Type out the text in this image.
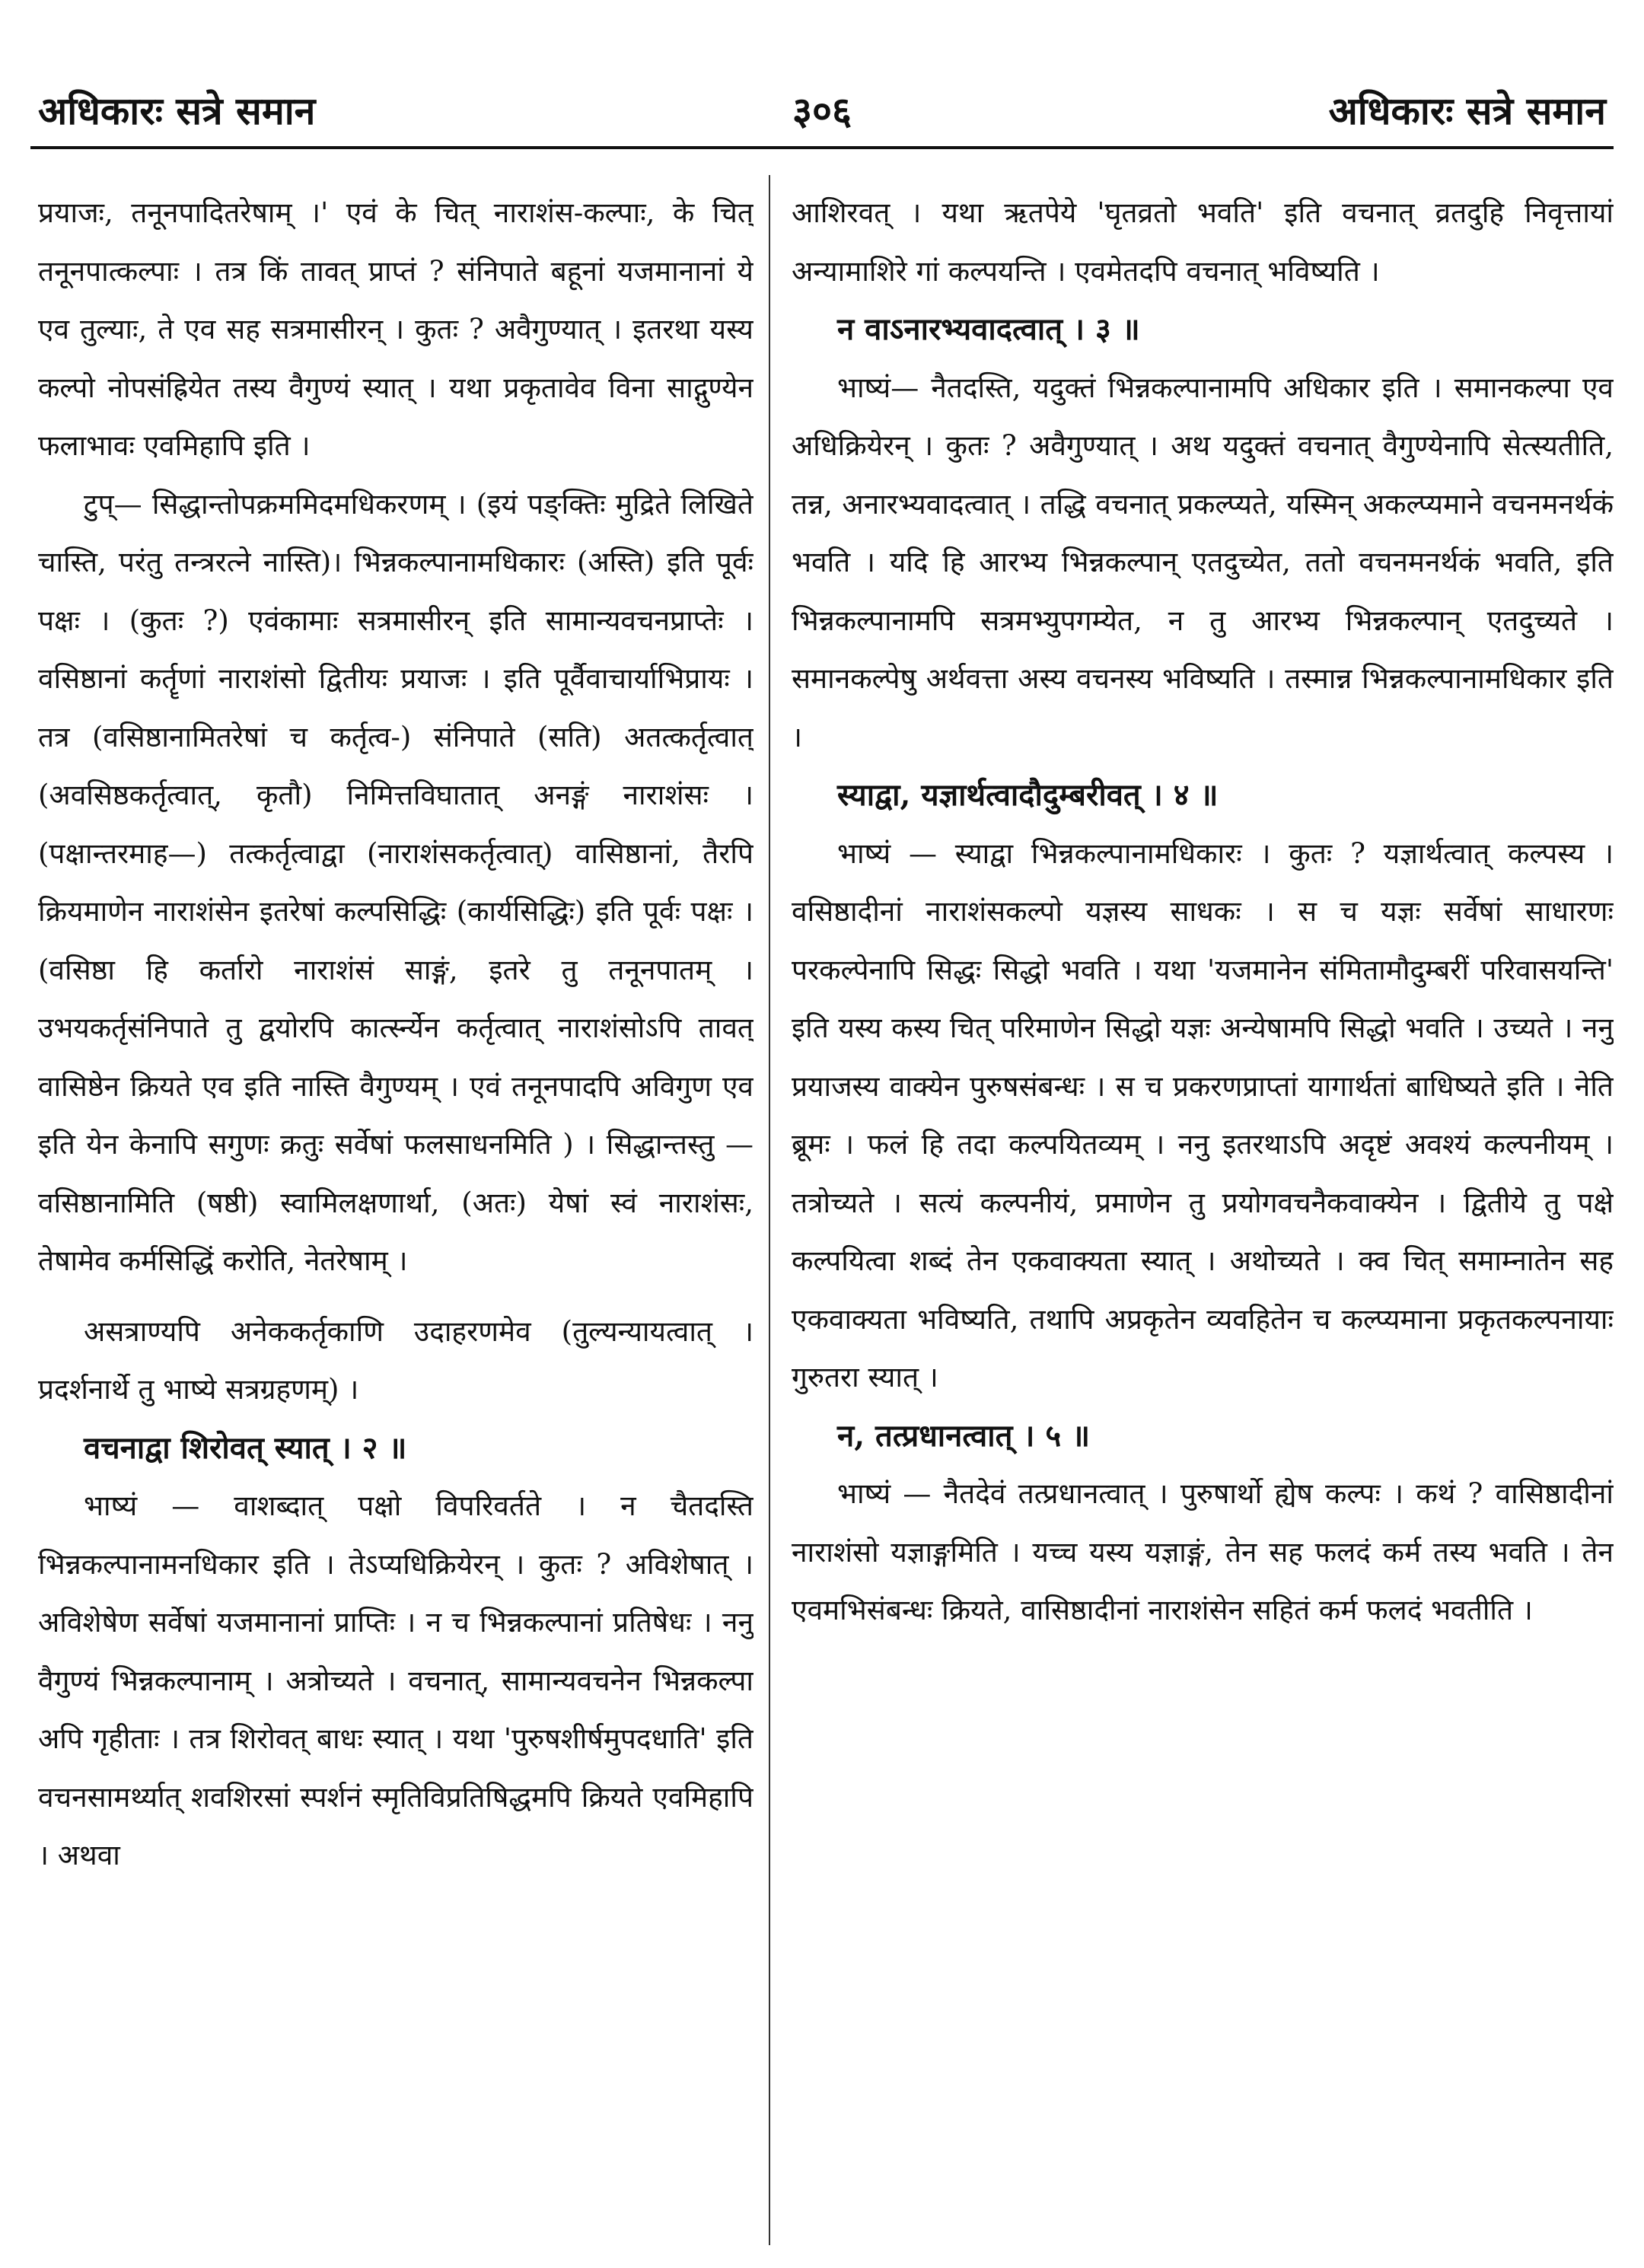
अधिकारः सत्रे समान	३०६	अधिकारः सत्रे समान

प्रयाजः, तनूनपादितरेषाम् ।' एवं के चित् नाराशंस-कल्पाः, के चित् तनूनपात्कल्पाः । तत्र किं तावत् प्राप्तं ? संनिपाते बहूनां यजमानानां ये एव तुल्याः, ते एव सह सत्रमासीरन् । कुतः ? अवैगुण्यात् । इतरथा यस्य कल्पो नोपसंह्रियेत तस्य वैगुण्यं स्यात् । यथा प्रकृतावेव विना साद्गुण्येन फलाभावः एवमिहापि इति ।

टुप्— सिद्धान्तोपक्रममिदमधिकरणम् । (इयं पङ्क्तिः मुद्रिते लिखिते चास्ति, परंतु तन्त्ररत्ने नास्ति)। भिन्नकल्पानामधिकारः (अस्ति) इति पूर्वः पक्षः । (कुतः ?) एवंकामाः सत्रमासीरन् इति सामान्यवचनप्राप्तेः । वसिष्ठानां कर्तॄणां नाराशंसो द्वितीयः प्रयाजः । इति पूर्वैवाचार्याभिप्रायः । तत्र (वसिष्ठानामितरेषां च कर्तृत्व-) संनिपाते (सति) अतत्कर्तृत्वात् (अवसिष्ठकर्तृत्वात्, कृतौ) निमित्तविघातात् अनङ्गं नाराशंसः । (पक्षान्तरमाह—) तत्कर्तृत्वाद्वा (नाराशंसकर्तृत्वात्) वासिष्ठानां, तैरपि क्रियमाणेन नाराशंसेन इतरेषां कल्पसिद्धिः (कार्यसिद्धिः) इति पूर्वः पक्षः । (वसिष्ठा हि कर्तारो नाराशंसं साङ्गं, इतरे तु तनूनपातम् । उभयकर्तृसंनिपाते तु द्वयोरपि कार्त्स्न्येन कर्तृत्वात् नाराशंसोऽपि तावत् वासिष्ठेन क्रियते एव इति नास्ति वैगुण्यम् । एवं तनूनपादपि अविगुण एव इति येन केनापि सगुणः क्रतुः सर्वेषां फलसाधनमिति ) । सिद्धान्तस्तु —वसिष्ठानामिति (षष्ठी) स्वामिलक्षणार्था, (अतः) येषां स्वं नाराशंसः, तेषामेव कर्मसिद्धिं करोति, नेतरेषाम् ।

असत्राण्यपि अनेककर्तृकाणि उदाहरणमेव (तुल्यन्यायत्वात् । प्रदर्शनार्थे तु भाष्ये सत्रग्रहणम्) ।

वचनाद्वा शिरोवत् स्यात् । २ ॥

भाष्यं — वाशब्दात् पक्षो विपरिवर्तते । न चैतदस्ति भिन्नकल्पानामनधिकार इति । तेऽप्यधिक्रियेरन् । कुतः ? अविशेषात् । अविशेषेण सर्वेषां यजमानानां प्राप्तिः । न च भिन्नकल्पानां प्रतिषेधः । ननु वैगुण्यं भिन्नकल्पानाम् । अत्रोच्यते । वचनात्, सामान्यवचनेन भिन्नकल्पा अपि गृहीताः । तत्र शिरोवत् बाधः स्यात् । यथा 'पुरुषशीर्षमुपदधाति' इति वचनसामर्थ्यात् शवशिरसां स्पर्शनं स्मृतिविप्रतिषिद्धमपि क्रियते एवमिहापि । अथवा

आशिरवत् । यथा ऋतपेये 'घृतव्रतो भवति' इति वचनात् व्रतदुहि निवृत्तायां अन्यामाशिरे गां कल्पयन्ति । एवमेतदपि वचनात् भविष्यति ।

न वाऽनारभ्यवादत्वात् । ३ ॥

भाष्यं— नैतदस्ति, यदुक्तं भिन्नकल्पानामपि अधिकार इति । समानकल्पा एव अधिक्रियेरन् । कुतः ? अवैगुण्यात् । अथ यदुक्तं वचनात् वैगुण्येनापि सेत्स्यतीति, तन्न, अनारभ्यवादत्वात् । तद्धि वचनात् प्रकल्प्यते, यस्मिन् अकल्प्यमाने वचनमनर्थकं भवति । यदि हि आरभ्य भिन्नकल्पान् एतदुच्येत, ततो वचनमनर्थकं भवति, इति भिन्नकल्पानामपि सत्रमभ्युपगम्येत, न तु आरभ्य भिन्नकल्पान् एतदुच्यते । समानकल्पेषु अर्थवत्ता अस्य वचनस्य भविष्यति । तस्मान्न भिन्नकल्पानामधिकार इति ।

स्याद्वा, यज्ञार्थत्वादौदुम्बरीवत् । ४ ॥

भाष्यं — स्याद्वा भिन्नकल्पानामधिकारः । कुतः ? यज्ञार्थत्वात् कल्पस्य । वसिष्ठादीनां नाराशंसकल्पो यज्ञस्य साधकः । स च यज्ञः सर्वेषां साधारणः परकल्पेनापि सिद्धः सिद्धो भवति । यथा 'यजमानेन संमितामौदुम्बरीं परिवासयन्ति' इति यस्य कस्य चित् परिमाणेन सिद्धो यज्ञः अन्येषामपि सिद्धो भवति । उच्यते । ननु प्रयाजस्य वाक्येन पुरुषसंबन्धः । स च प्रकरणप्राप्तां यागार्थतां बाधिष्यते इति । नेति ब्रूमः । फलं हि तदा कल्पयितव्यम् । ननु इतरथाऽपि अदृष्टं अवश्यं कल्पनीयम् । तत्रोच्यते । सत्यं कल्पनीयं, प्रमाणेन तु प्रयोगवचनैकवाक्येन । द्वितीये तु पक्षे कल्पयित्वा शब्दं तेन एकवाक्यता स्यात् । अथोच्यते । क्व चित् समाम्नातेन सह एकवाक्यता भविष्यति, तथापि अप्रकृतेन व्यवहितेन च कल्प्यमाना प्रकृतकल्पनायाः गुरुतरा स्यात् ।

न, तत्प्रधानत्वात् । ५ ॥

भाष्यं — नैतदेवं तत्प्रधानत्वात् । पुरुषार्थो ह्येष कल्पः । कथं ? वासिष्ठादीनां नाराशंसो यज्ञाङ्गमिति । यच्च यस्य यज्ञाङ्गं, तेन सह फलदं कर्म तस्य भवति । तेन एवमभिसंबन्धः क्रियते, वासिष्ठादीनां नाराशंसेन सहितं कर्म फलदं भवतीति ।
